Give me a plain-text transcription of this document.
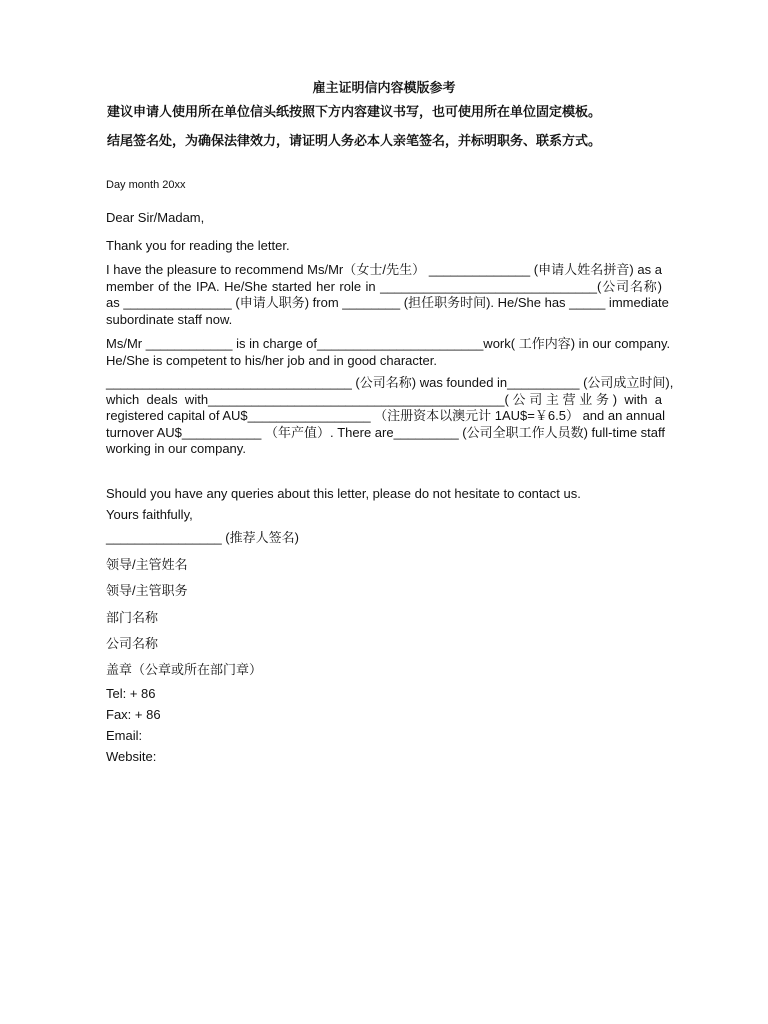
雇主证明信内容模版参考
建议申请人使用所在单位信头纸按照下方内容建议书写，也可使用所在单位固定模板。
结尾签名处，为确保法律效力，请证明人务必本人亲笔签名，并标明职务、联系方式。
Day month 20xx
Dear Sir/Madam,
Thank you for reading the letter.
I have the pleasure to recommend Ms/Mr（女士/先生） ______________ (申请人姓名拼音) as a
member of the IPA. He/She started her role in ______________________________(公司名称)
as _______________ (申请人职务) from ________ (担任职务时间). He/She has _____ immediate
subordinate staff now.
Ms/Mr ____________ is in charge of_______________________work( 工作内容) in our company.
He/She is competent to his/her job and in good character.
__________________________________ (公司名称) was founded in__________ (公司成立时间),
which deals with_________________________________________(公司主营业务) with a
registered capital of AU$_________________ （注册资本以澳元计 1AU$=￥6.5） and an annual
turnover AU$___________ （年产值）. There are_________ (公司全职工作人员数) full-time staff
working in our company.
Should you have any queries about this letter, please do not hesitate to contact us.
Yours faithfully,
________________ (推荐人签名)
领导/主管姓名
领导/主管职务
部门名称
公司名称
盖章（公章或所在部门章）
Tel: + 86
Fax: + 86
Email:
Website:
